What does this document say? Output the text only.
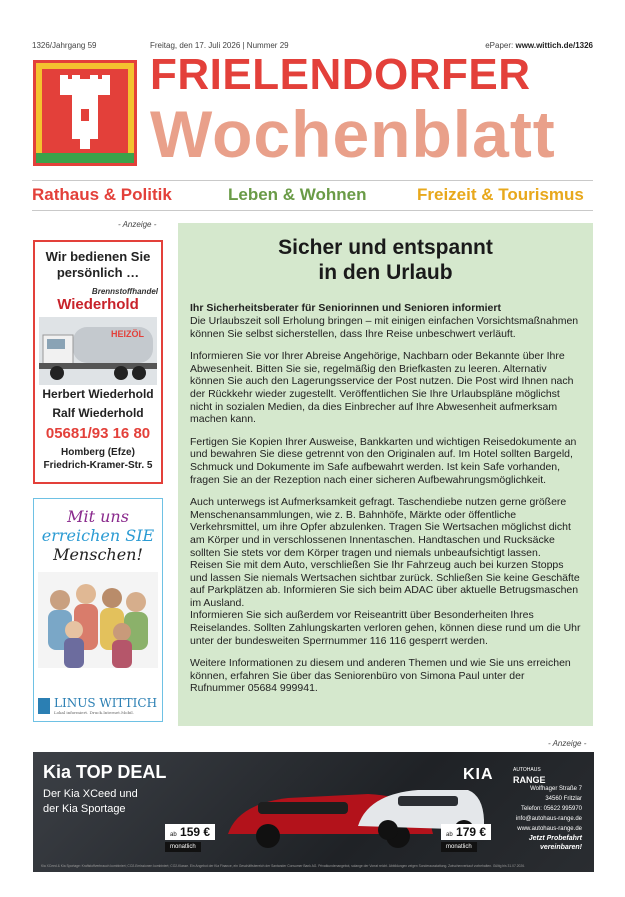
1326/Jahrgang 59	Freitag, den 17. Juli 2026 | Nummer 29	ePaper: www.wittich.de/1326
FRIELENDORFER
Wochenblatt
Rathaus & Politik	Leben & Wohnen	Freizeit & Tourismus
- Anzeige -
Wir bedienen Sie
persönlich …
Brennstoffhandel
Wiederhold
HEIZÖL
Herbert Wiederhold
Ralf Wiederhold
05681/93 16 80
Homberg (Efze)
Friedrich-Kramer-Str. 5
Mit uns
erreichen SIE
Menschen!
LINUS WITTICH
Lokal informiert. Druck.Internet.Mobil.
Sicher und entspannt
in den Urlaub
Ihr Sicherheitsberater für Seniorinnen und Senioren informiert

Die Urlaubszeit soll Erholung bringen – mit einigen einfachen Vorsichtsmaßnahmen können Sie selbst sicherstellen, dass Ihre Reise unbeschwert verläuft.

Informieren Sie vor Ihrer Abreise Angehörige, Nachbarn oder Bekannte über Ihre Abwesenheit. Bitten Sie sie, regelmäßig den Briefkasten zu leeren. Alternativ können Sie auch den Lagerungsservice der Post nutzen. Die Post wird Ihnen nach der Rückkehr wieder zugestellt. Veröffentlichen Sie Ihre Urlaubspläne möglichst nicht in sozialen Medien, da dies Einbrecher auf Ihre Abwesenheit aufmerksam machen kann.

Fertigen Sie Kopien Ihrer Ausweise, Bankkarten und wichtigen Reisedokumente an und bewahren Sie diese getrennt von den Originalen auf. Im Hotel sollten Bargeld, Schmuck und Dokumente im Safe aufbewahrt werden. Ist kein Safe vorhanden, fragen Sie an der Rezeption nach einer sicheren Aufbewahrungsmöglichkeit.

Auch unterwegs ist Aufmerksamkeit gefragt. Taschendiebe nutzen gerne größere Menschenansammlungen, wie z. B. Bahnhöfe, Märkte oder öffentliche Verkehrsmittel, um ihre Opfer abzulenken. Tragen Sie Wertsachen möglichst dicht am Körper und in verschlossenen Innentaschen. Handtaschen und Rucksäcke sollten Sie stets vor dem Körper tragen und niemals unbeaufsichtigt lassen.

Reisen Sie mit dem Auto, verschließen Sie Ihr Fahrzeug auch bei kurzen Stopps und lassen Sie niemals Wertsachen sichtbar zurück. Schließen Sie keine Geschäfte auf Parkplätzen ab. Informieren Sie sich beim ADAC über aktuelle Betrugsmaschen im Ausland.

Informieren Sie sich außerdem vor Reiseantritt über Besonderheiten Ihres Reiselandes. Sollten Zahlungskarten verloren gehen, können diese rund um die Uhr unter der bundesweiten Sperrnummer 116 116 gesperrt werden.

Weitere Informationen zu diesem und anderen Themen und wie Sie uns erreichen können, erfahren Sie über das Seniorenbüro von Simona Paul unter der Rufnummer 05684 999941.

- Anzeige -
Kia TOP DEAL
Der Kia XCeed und
der Kia Sportage
ab 159 €
monatlich
ab 179 €
monatlich
KIA	AUTOHAUS
RANGE
Wolfhager Straße 7
34560 Fritzlar
Telefon: 05622 995970
info@autohaus-range.de
www.autohaus-range.de
Jetzt Probefahrt
vereinbaren!
Kia XCeed & Kia Sportage: Kraftstoffverbrauch kombiniert; CO2-Emissionen kombiniert; CO2-Klasse. Ein Angebot der Kia Finance, ein Geschäftsbereich der Santander Consumer Bank AG. Privatkundenangebot, solange der Vorrat reicht. Abbildungen zeigen Sonderausstattung. Zwischenverkauf vorbehalten. Gültig bis 31.07.2026.
